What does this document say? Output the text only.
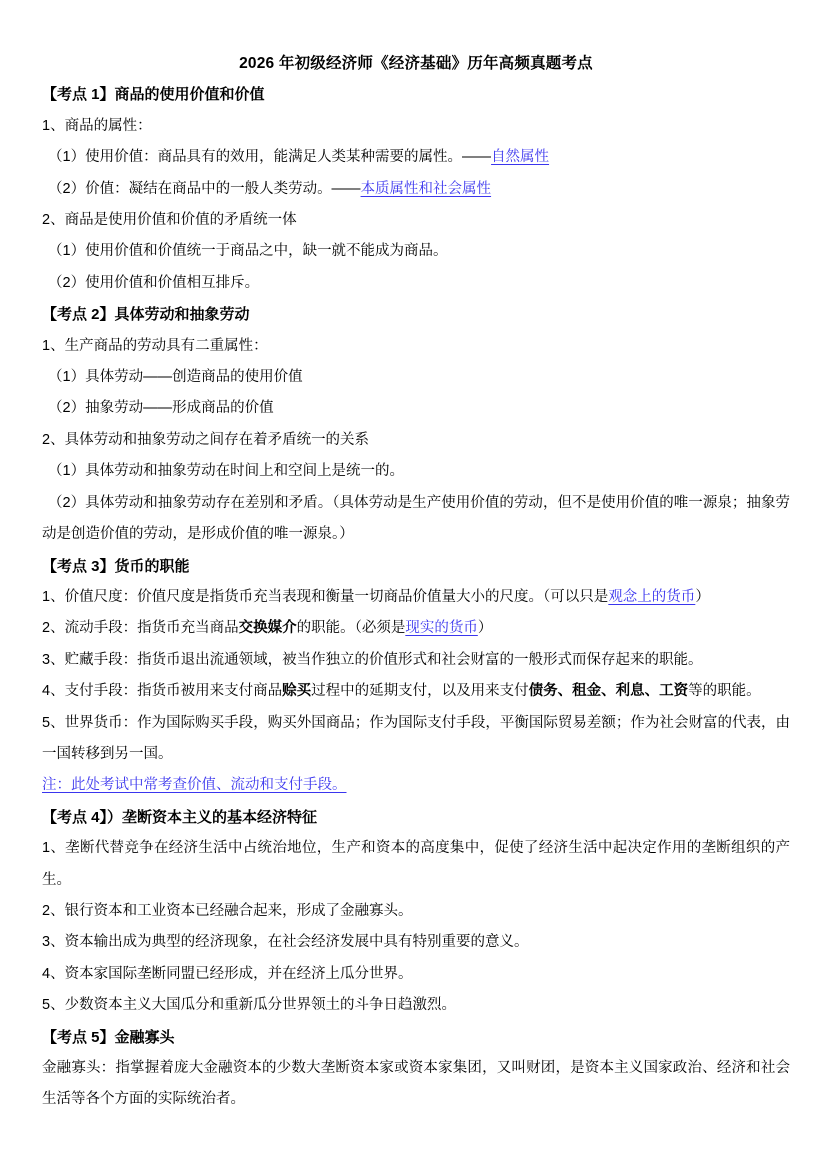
2026 年初级经济师《经济基础》历年高频真题考点

【考点 1】商品的使用价值和价值

1、商品的属性：

（1）使用价值：商品具有的效用，能满足人类某种需要的属性。——自然属性

（2）价值：凝结在商品中的一般人类劳动。——本质属性和社会属性

2、商品是使用价值和价值的矛盾统一体

（1）使用价值和价值统一于商品之中，缺一就不能成为商品。

（2）使用价值和价值相互排斥。

【考点 2】具体劳动和抽象劳动

1、生产商品的劳动具有二重属性：

（1）具体劳动——创造商品的使用价值

（2）抽象劳动——形成商品的价值

2、具体劳动和抽象劳动之间存在着矛盾统一的关系

（1）具体劳动和抽象劳动在时间上和空间上是统一的。

（2）具体劳动和抽象劳动存在差别和矛盾。（具体劳动是生产使用价值的劳动，但不是使用价值的唯一源泉；抽象劳动是创造价值的劳动，是形成价值的唯一源泉。）

【考点 3】货币的职能

1、价值尺度：价值尺度是指货币充当表现和衡量一切商品价值量大小的尺度。（可以只是观念上的货币）

2、流动手段：指货币充当商品交换媒介的职能。（必须是现实的货币）

3、贮藏手段：指货币退出流通领域，被当作独立的价值形式和社会财富的一般形式而保存起来的职能。

4、支付手段：指货币被用来支付商品赊买过程中的延期支付，以及用来支付债务、租金、利息、工资等的职能。

5、世界货币：作为国际购买手段，购买外国商品；作为国际支付手段，平衡国际贸易差额；作为社会财富的代表，由一国转移到另一国。

注：此处考试中常考查价值、流动和支付手段。

【考点 4】）垄断资本主义的基本经济特征

1、垄断代替竞争在经济生活中占统治地位，生产和资本的高度集中，促使了经济生活中起决定作用的垄断组织的产生。

2、银行资本和工业资本已经融合起来，形成了金融寡头。

3、资本输出成为典型的经济现象，在社会经济发展中具有特别重要的意义。

4、资本家国际垄断同盟已经形成，并在经济上瓜分世界。

5、少数资本主义大国瓜分和重新瓜分世界领土的斗争日趋激烈。

【考点 5】金融寡头

金融寡头：指掌握着庞大金融资本的少数大垄断资本家或资本家集团，又叫财团，是资本主义国家政治、经济和社会生活等各个方面的实际统治者。
